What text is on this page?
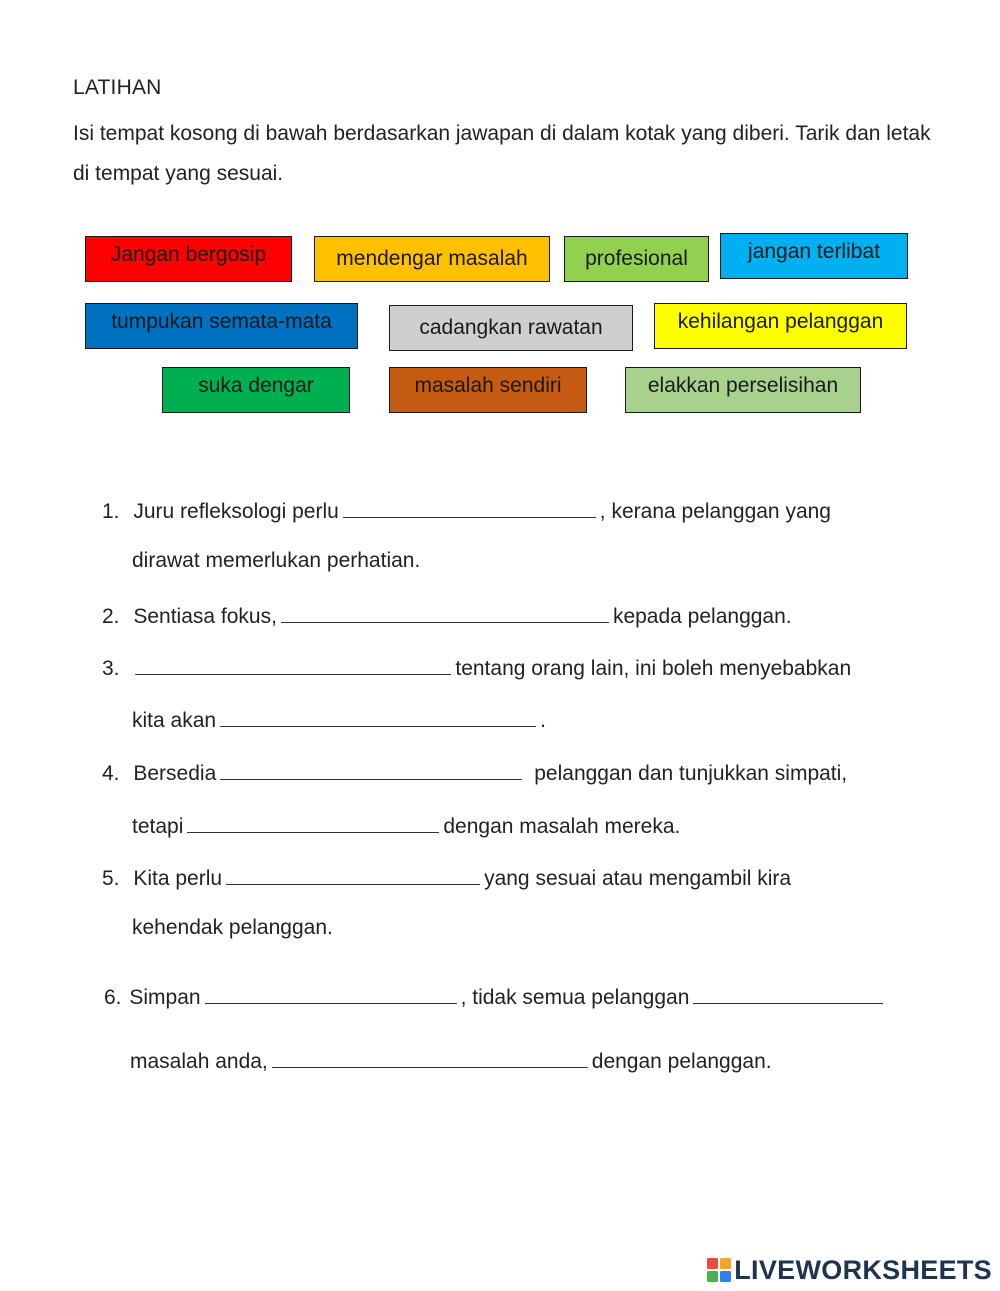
LATIHAN
Isi tempat kosong di bawah berdasarkan jawapan di dalam kotak yang diberi. Tarik dan letak di tempat yang sesuai.
Jangan bergosip	mendengar masalah	profesional	jangan terlibat
tumpukan semata-mata	cadangkan rawatan	kehilangan pelanggan
suka dengar	masalah sendiri	elakkan perselisihan
1. Juru refleksologi perlu	, kerana pelanggan yang
dirawat memerlukan perhatian.
2. Sentiasa fokus,	kepada pelanggan.
3.	tentang orang lain, ini boleh menyebabkan
kita akan	.
4. Bersedia	pelanggan dan tunjukkan simpati,
tetapi	dengan masalah mereka.
5. Kita perlu	yang sesuai atau mengambil kira
kehendak pelanggan.
6. Simpan	, tidak semua pelanggan
masalah anda,	dengan pelanggan.
LIVEWORKSHEETS
